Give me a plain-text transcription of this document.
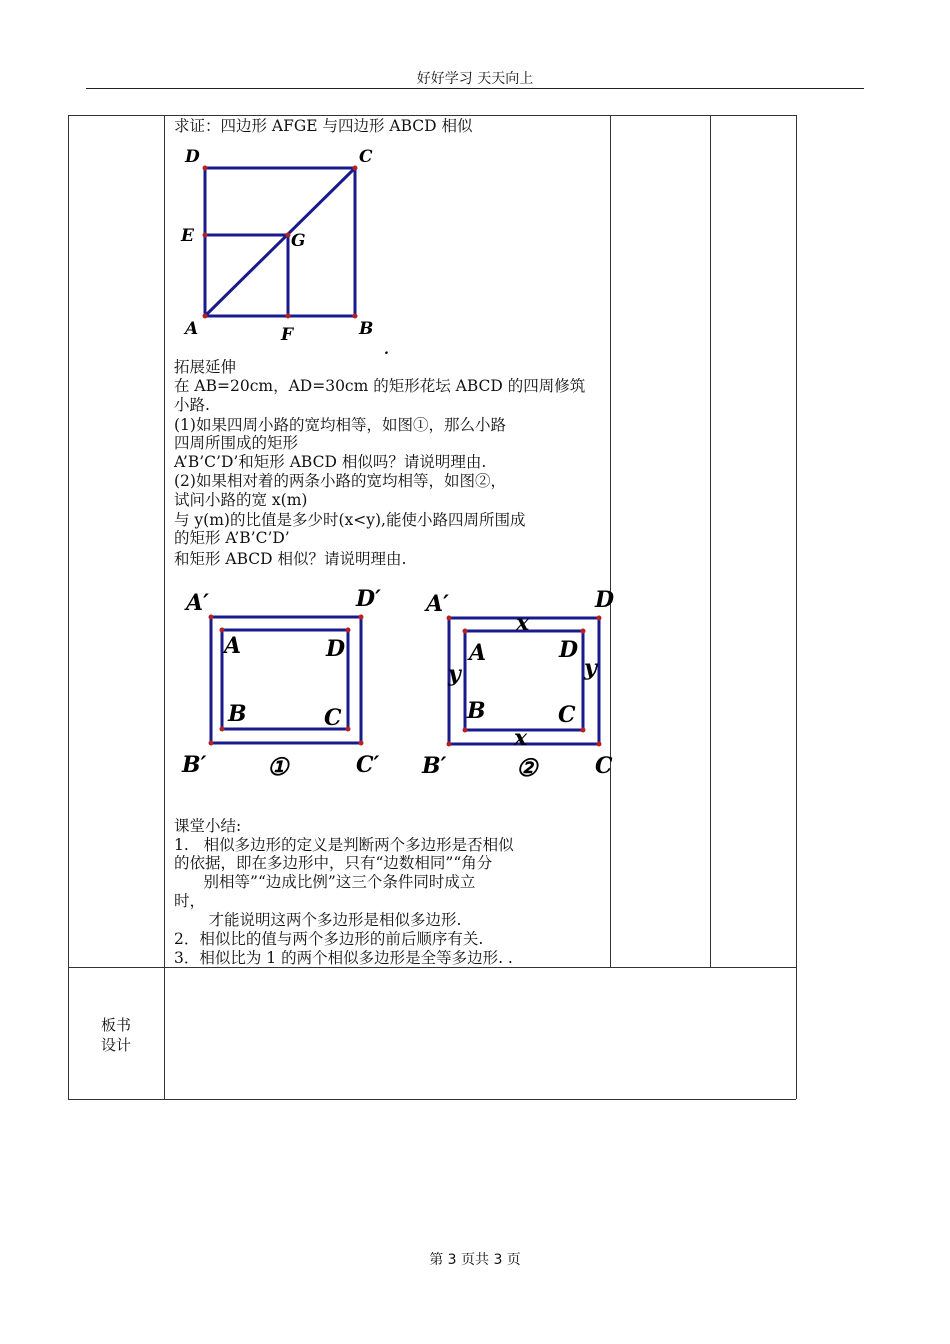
好好学习 天天向上
求证：四边形 AFGE 与四边形 ABCD 相似
D	C
E	G
A	F	B
.
拓展延伸
在 AB=20cm，AD=30cm 的矩形花坛 ABCD 的四周修筑
小路.
(1)如果四周小路的宽均相等，如图①，那么小路
四周所围成的矩形
A’B’C’D’和矩形 ABCD 相似吗？请说明理由.
(2)如果相对着的两条小路的宽均相等，如图②，
试问小路的宽 x(m)
与 y(m)的比值是多少时(x<y),能使小路四周所围成
的矩形 A’B’C’D’
和矩形 ABCD 相似？请说明理由.
A′	D′
B′	C′
A	D
B	C
①
A′	D
B′	C
A	D
B	C
x
x
y	y
②
课堂小结:
1.   相似多边形的定义是判断两个多边形是否相似
的依据，即在多边形中，只有“边数相同”“角分
别相等”“边成比例”这三个条件同时成立
时，
才能说明这两个多边形是相似多边形.
2．相似比的值与两个多边形的前后顺序有关.
3．相似比为 1 的两个相似多边形是全等多边形. .
板书
设计
第 3 页共 3 页
